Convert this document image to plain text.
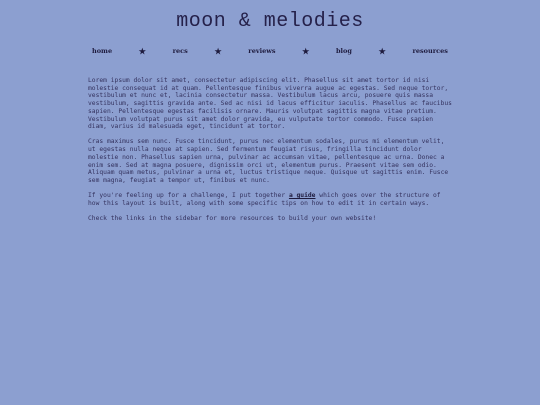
moon & melodies
home	★	recs	★	reviews	★	blog	★	resources

Lorem ipsum dolor sit amet, consectetur adipiscing elit. Phasellus sit amet tortor id nisi molestie consequat id at quam. Pellentesque finibus viverra augue ac egestas. Sed neque tortor, vestibulum et nunc et, lacinia consectetur massa. Vestibulum lacus arcu, posuere quis massa vestibulum, sagittis gravida ante. Sed ac nisi id lacus efficitur iaculis. Phasellus ac faucibus sapien. Pellentesque egestas facilisis ornare. Mauris volutpat sagittis magna vitae pretium. Vestibulum volutpat purus sit amet dolor gravida, eu vulputate tortor commodo. Fusce sapien diam, varius id malesuada eget, tincidunt at tortor.

Cras maximus sem nunc. Fusce tincidunt, purus nec elementum sodales, purus mi elementum velit, ut egestas nulla neque at sapien. Sed fermentum feugiat risus, fringilla tincidunt dolor molestie non. Phasellus sapien urna, pulvinar ac accumsan vitae, pellentesque ac urna. Donec a enim sem. Sed at magna posuere, dignissim orci ut, elementum purus. Praesent vitae sem odio. Aliquam quam metus, pulvinar a urna et, luctus tristique neque. Quisque ut sagittis enim. Fusce sem magna, feugiat a tempor ut, finibus et nunc.

If you're feeling up for a challenge, I put together a guide which goes over the structure of how this layout is built, along with some specific tips on how to edit it in certain ways.

Check the links in the sidebar for more resources to build your own website!
